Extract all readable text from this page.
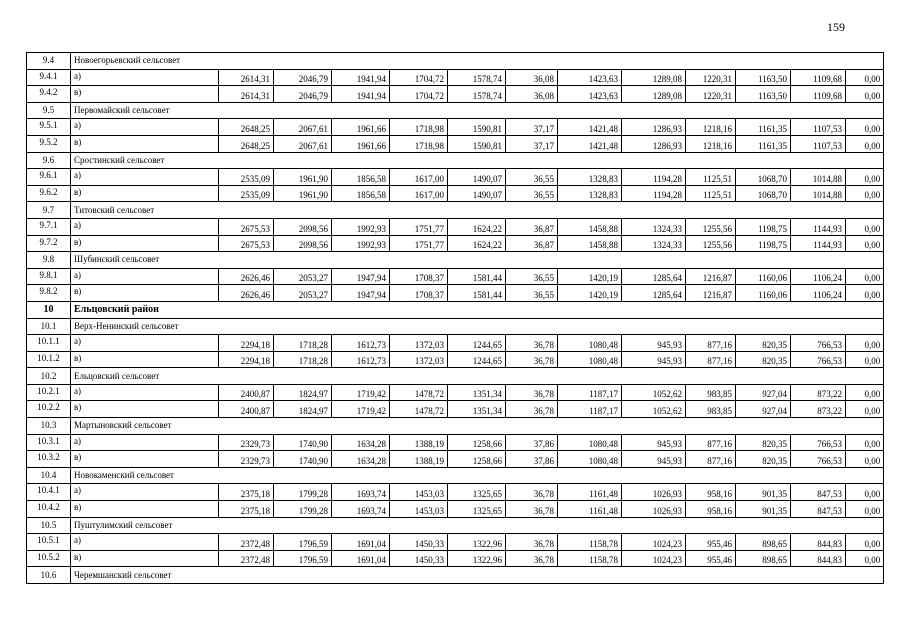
159
9.4	Новоегорьевский сельсовет												
9.4.1	а)	2614,31	2046,79	1941,94	1704,72	1578,74	36,08	1423,63	1289,08	1220,31	1163,50	1109,68	0,00
9.4.2	в)	2614,31	2046,79	1941,94	1704,72	1578,74	36,08	1423,63	1289,08	1220,31	1163,50	1109,68	0,00
9.5	Первомайский сельсовет												
9.5.1	а)	2648,25	2067,61	1961,66	1718,98	1590,81	37,17	1421,48	1286,93	1218,16	1161,35	1107,53	0,00
9.5.2	в)	2648,25	2067,61	1961,66	1718,98	1590,81	37,17	1421,48	1286,93	1218,16	1161,35	1107,53	0,00
9.6	Сростинский сельсовет												
9.6.1	а)	2535,09	1961,90	1856,58	1617,00	1490,07	36,55	1328,83	1194,28	1125,51	1068,70	1014,88	0,00
9.6.2	в)	2535,09	1961,90	1856,58	1617,00	1490,07	36,55	1328,83	1194,28	1125,51	1068,70	1014,88	0,00
9.7	Титовский сельсовет												
9.7.1	а)	2675,53	2098,56	1992,93	1751,77	1624,22	36,87	1458,88	1324,33	1255,56	1198,75	1144,93	0,00
9.7.2	в)	2675,53	2098,56	1992,93	1751,77	1624,22	36,87	1458,88	1324,33	1255,56	1198,75	1144,93	0,00
9.8	Шубинский сельсовет												
9.8.1	а)	2626,46	2053,27	1947,94	1708,37	1581,44	36,55	1420,19	1285,64	1216,87	1160,06	1106,24	0,00
9.8.2	в)	2626,46	2053,27	1947,94	1708,37	1581,44	36,55	1420,19	1285,64	1216,87	1160,06	1106,24	0,00
10	Ельцовский район												
10.1	Верх-Ненинский сельсовет												
10.1.1	а)	2294,18	1718,28	1612,73	1372,03	1244,65	36,78	1080,48	945,93	877,16	820,35	766,53	0,00
10.1.2	в)	2294,18	1718,28	1612,73	1372,03	1244,65	36,78	1080,48	945,93	877,16	820,35	766,53	0,00
10.2	Ельцовский сельсовет												
10.2.1	а)	2400,87	1824,97	1719,42	1478,72	1351,34	36,78	1187,17	1052,62	983,85	927,04	873,22	0,00
10.2.2	в)	2400,87	1824,97	1719,42	1478,72	1351,34	36,78	1187,17	1052,62	983,85	927,04	873,22	0,00
10.3	Мартыновский сельсовет												
10.3.1	а)	2329,73	1740,90	1634,28	1388,19	1258,66	37,86	1080,48	945,93	877,16	820,35	766,53	0,00
10.3.2	в)	2329,73	1740,90	1634,28	1388,19	1258,66	37,86	1080,48	945,93	877,16	820,35	766,53	0,00
10.4	Новокаменский сельсовет												
10.4.1	а)	2375,18	1799,28	1693,74	1453,03	1325,65	36,78	1161,48	1026,93	958,16	901,35	847,53	0,00
10.4.2	в)	2375,18	1799,28	1693,74	1453,03	1325,65	36,78	1161,48	1026,93	958,16	901,35	847,53	0,00
10.5	Пуштулимский сельсовет												
10.5.1	а)	2372,48	1796,59	1691,04	1450,33	1322,96	36,78	1158,78	1024,23	955,46	898,65	844,83	0,00
10.5.2	в)	2372,48	1796,59	1691,04	1450,33	1322,96	36,78	1158,78	1024,23	955,46	898,65	844,83	0,00
10.6	Черемшанский сельсовет												
